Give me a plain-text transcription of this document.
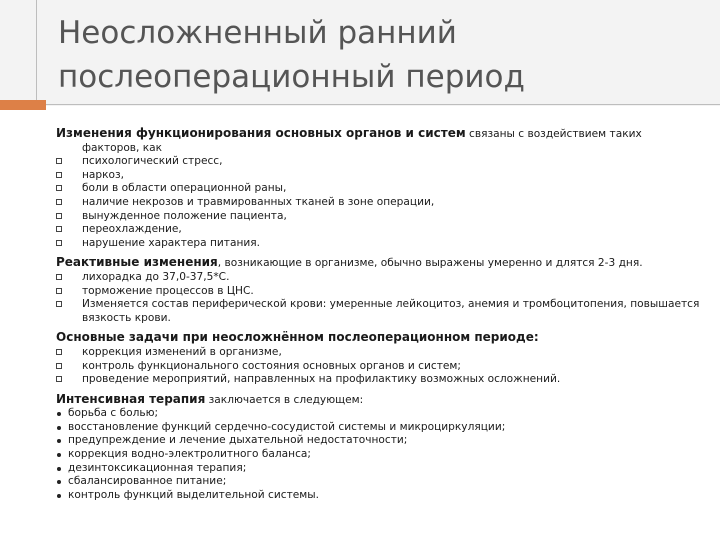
Неосложненный ранний послеоперационный период

Изменения функционирования основных органов и систем связаны с воздействием таких

факторов, как

психологический стресс,
наркоз,
боли в области операционной раны,
наличие некрозов и травмированных тканей в зоне операции,
вынужденное положение пациента,
переохлаждение,
нарушение характера питания.

Реактивные изменения, возникающие в организме, обычно выражены умеренно и длятся 2-3 дня.

лихорадка до 37,0-37,5*С.
торможение процессов в ЦНС.
Изменяется состав периферической крови: умеренные лейкоцитоз, анемия и тромбоцитопения, повышается вязкость крови.

Основные задачи при неосложнённом послеоперационном периоде:

коррекция изменений в организме,
контроль функционального состояния основных органов и систем;
проведение мероприятий, направленных на профилактику возможных осложнений.

Интенсивная терапия заключается в следующем:

борьба с болью;
восстановление функций сердечно-сосудистой системы и микроциркуляции;
предупреждение и лечение дыхательной недостаточности;
коррекция водно-электролитного баланса;
дезинтоксикационная терапия;
сбалансированное питание;
контроль функций выделительной системы.
